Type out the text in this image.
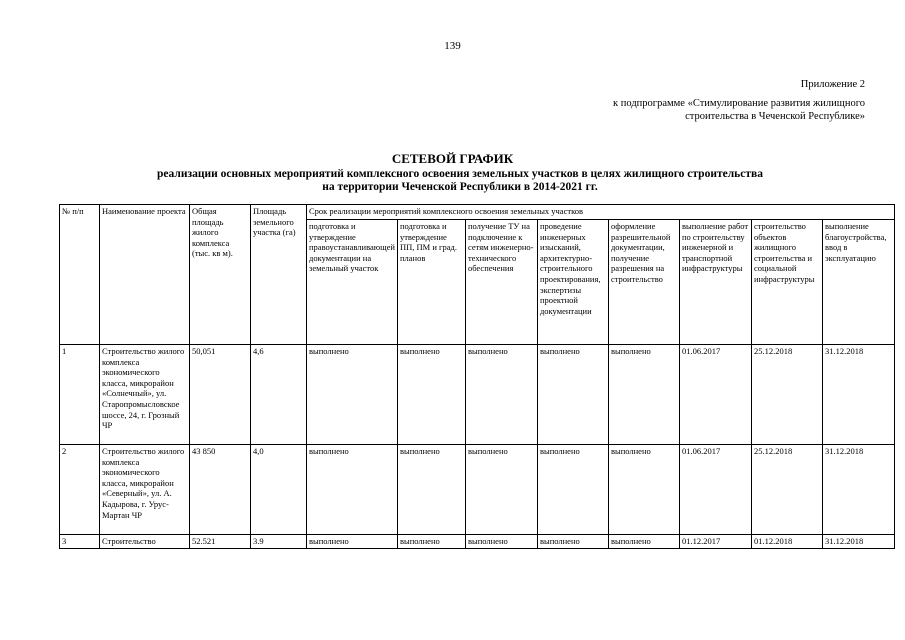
139
Приложение 2
к подпрограмме «Стимулирование развития жилищного
строительства в Чеченской Республике»
СЕТЕВОЙ ГРАФИК
реализации основных мероприятий комплексного освоения земельных участков в целях жилищного строительства
на территории Чеченской Республики в 2014-2021 гг.
№ п/п	Наименование проекта	Общая площадь жилого комплекса (тыс. кв м).	Площадь земельного участка (га)	Срок реализации мероприятий комплексного освоения земельных участков							
				подготовка и утверждение правоустанавливающей документации на земельный участок	подготовка и утверждение ПП, ПМ и град. планов	получение ТУ на подключение к сетям инженерно-технического обеспечения	проведение инженерных изысканий, архитектурно-строительного проектирования, экспертизы проектной документации	оформление разрешительной документации, получение разрешения на строительство	выполнение работ по строительству инженерной и транспортной инфраструктуры	строительство объектов жилищного строительства и социальной инфраструктуры	выполнение благоустройства, ввод в эксплуатацию
1	Строительство жилого комплекса экономического класса, микрорайон «Солнечный», ул. Старопромысловское шоссе, 24, г. Грозный ЧР	50,051	4,6	выполнено	выполнено	выполнено	выполнено	выполнено	01.06.2017	25.12.2018	31.12.2018
2	Строительство жилого комплекса экономического класса, микрорайон «Северный», ул. А. Кадырова, г. Урус-Мартан ЧР	43 850	4,0	выполнено	выполнено	выполнено	выполнено	выполнено	01.06.2017	25.12.2018	31.12.2018
3	Строительство	52.521	3.9	выполнено	выполнено	выполнено	выполнено	выполнено	01.12.2017	01.12.2018	31.12.2018
